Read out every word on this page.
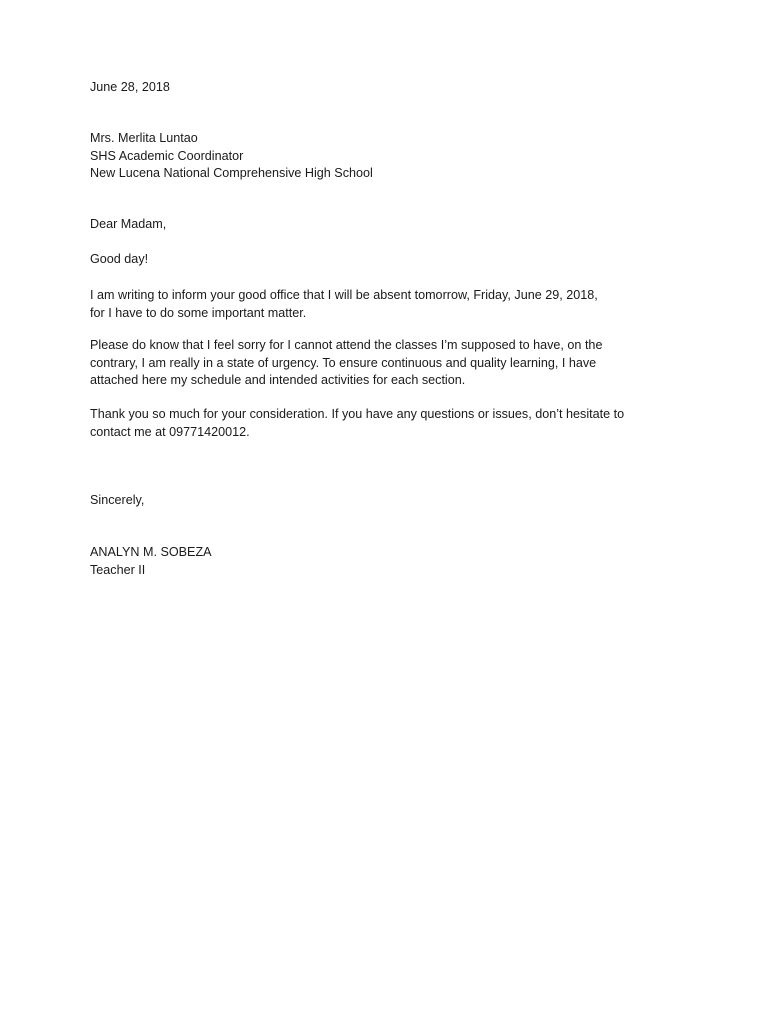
June 28, 2018

Mrs. Merlita Luntao
SHS Academic Coordinator
New Lucena National Comprehensive High School

Dear Madam,

Good day!

I am writing to inform your good office that I will be absent tomorrow, Friday, June 29, 2018,
for I have to do some important matter.

Please do know that I feel sorry for I cannot attend the classes I’m supposed to have, on the
contrary, I am really in a state of urgency. To ensure continuous and quality learning, I have
attached here my schedule and intended activities for each section.

Thank you so much for your consideration. If you have any questions or issues, don’t hesitate to
contact me at 09771420012.

Sincerely,

ANALYN M. SOBEZA
Teacher II
